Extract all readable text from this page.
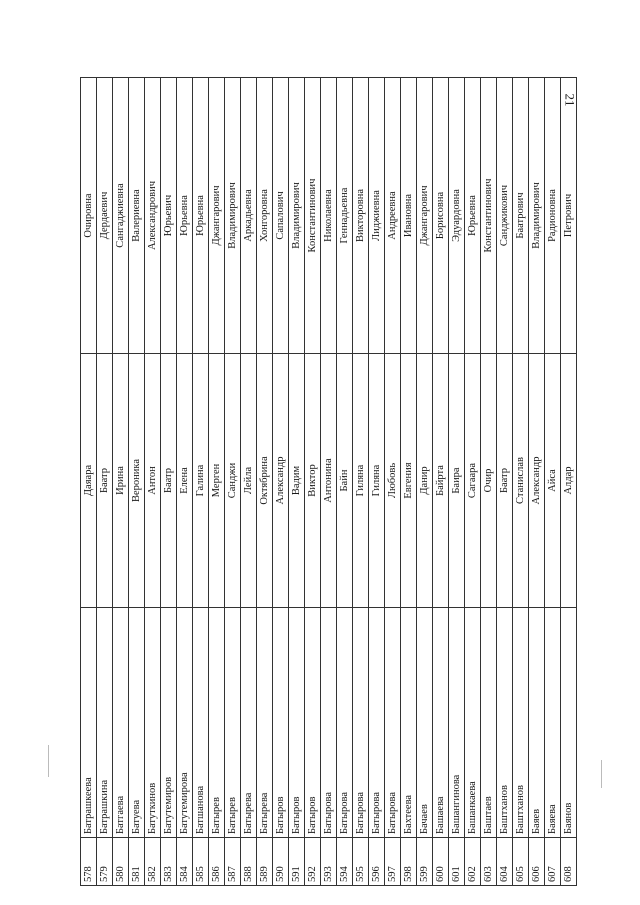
21
578	Батрашкеева	Даяара	Очировна
579	Батрашкина	Баатр	Дердаевич
580	Батгаева	Ирина	Сангаджиевна
581	Батуева	Вероника	Валериевна
582	Батуткинов	Антон	Александрович
583	Батутемиров	Баатр	Юрьевич
584	Батутемирова	Елена	Юрьевна
585	Батшанова	Галина	Юрьевна
586	Батырев	Мерген	Джангарович
587	Батырев	Санджи	Владимирович
588	Батырева	Лейла	Аркадьевна
589	Батырева	Октябрина	Хонгоровна
590	Батыров	Александр	Сапалович
591	Батыров	Вадим	Владимирович
592	Батыров	Виктор	Константинович
593	Батырова	Антонина	Николаевна
594	Батырова	Байн	Геннадьевна
595	Батырова	Гиляна	Викторовна
596	Батырова	Гиляна	Лиджиевна
597	Батырова	Любовь	Андреевна
598	Бахтеева	Евгения	Ивановна
599	Бачаев	Данир	Джангарович
600	Башаева	Байрта	Борисовна
601	Башангинова	Баира	Эдуардовна
602	Башанкаева	Сагаара	Юрьевна
603	Баштаев	Очир	Константинович
604	Баштханов	Баатр	Санджикович
605	Баштханов	Станислав	Баатрович
606	Баяев	Александр	Владимирович
607	Баяева	Айса	Радионовна
608	Баянов	Алдар	Петрович
